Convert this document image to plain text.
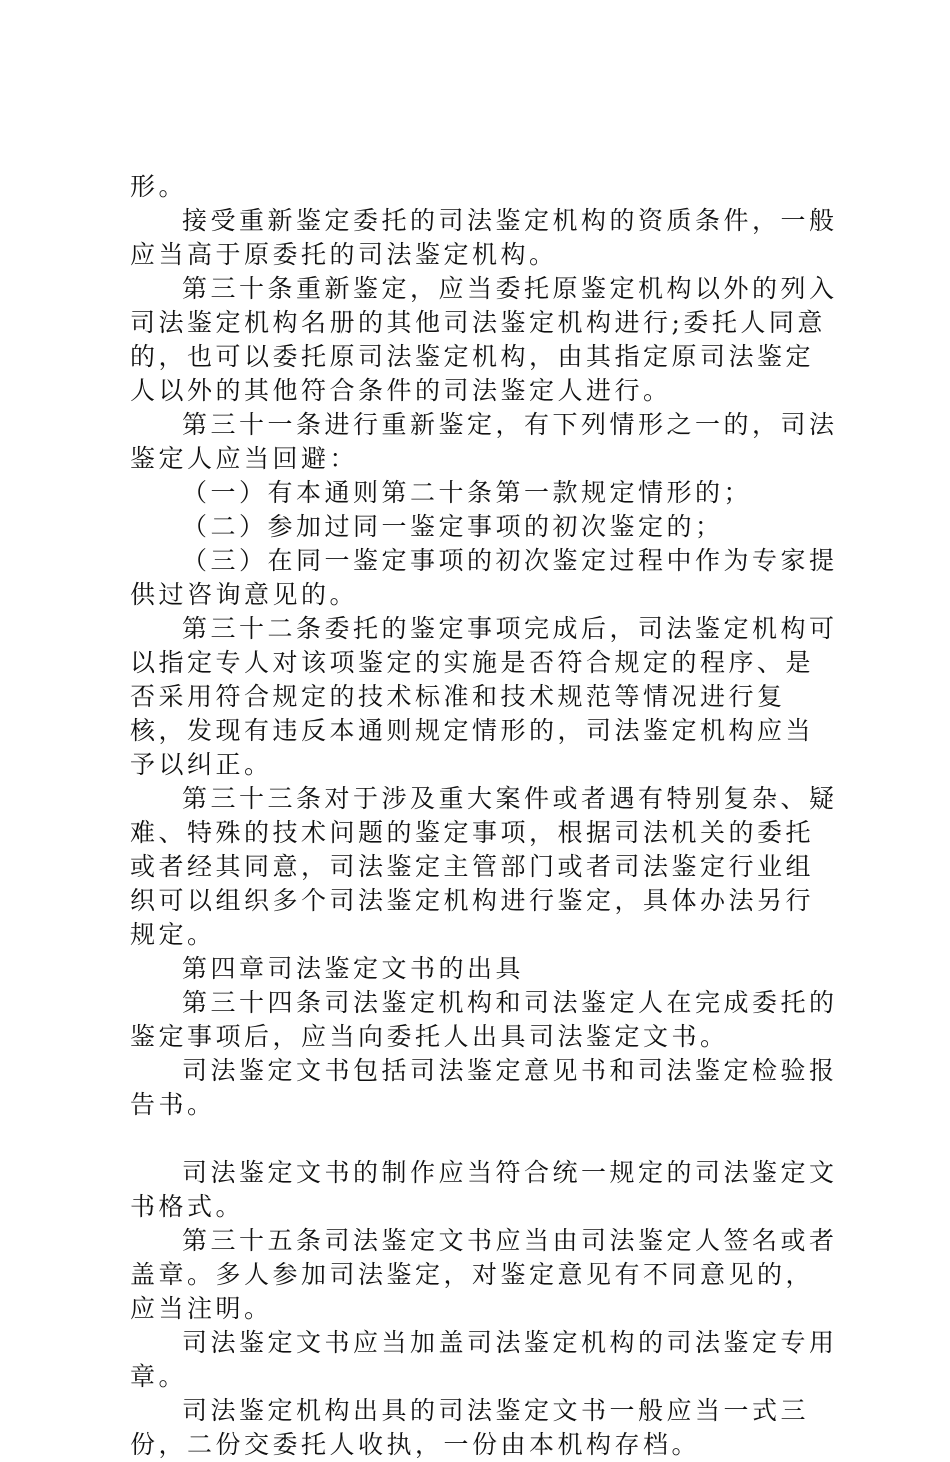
形。

接受重新鉴定委托的司法鉴定机构的资质条件，一般应当高于原委托的司法鉴定机构。

第三十条重新鉴定，应当委托原鉴定机构以外的列入司法鉴定机构名册的其他司法鉴定机构进行;委托人同意的，也可以委托原司法鉴定机构，由其指定原司法鉴定人以外的其他符合条件的司法鉴定人进行。

第三十一条进行重新鉴定，有下列情形之一的，司法鉴定人应当回避：

（一）有本通则第二十条第一款规定情形的；

（二）参加过同一鉴定事项的初次鉴定的；

（三）在同一鉴定事项的初次鉴定过程中作为专家提供过咨询意见的。

第三十二条委托的鉴定事项完成后，司法鉴定机构可以指定专人对该项鉴定的实施是否符合规定的程序、是否采用符合规定的技术标准和技术规范等情况进行复核，发现有违反本通则规定情形的，司法鉴定机构应当予以纠正。

第三十三条对于涉及重大案件或者遇有特别复杂、疑难、特殊的技术问题的鉴定事项，根据司法机关的委托或者经其同意，司法鉴定主管部门或者司法鉴定行业组织可以组织多个司法鉴定机构进行鉴定，具体办法另行规定。

第四章司法鉴定文书的出具

第三十四条司法鉴定机构和司法鉴定人在完成委托的鉴定事项后，应当向委托人出具司法鉴定文书。

司法鉴定文书包括司法鉴定意见书和司法鉴定检验报告书。

司法鉴定文书的制作应当符合统一规定的司法鉴定文书格式。

第三十五条司法鉴定文书应当由司法鉴定人签名或者盖章。多人参加司法鉴定，对鉴定意见有不同意见的，应当注明。

司法鉴定文书应当加盖司法鉴定机构的司法鉴定专用章。

司法鉴定机构出具的司法鉴定文书一般应当一式三份，二份交委托人收执，一份由本机构存档。
